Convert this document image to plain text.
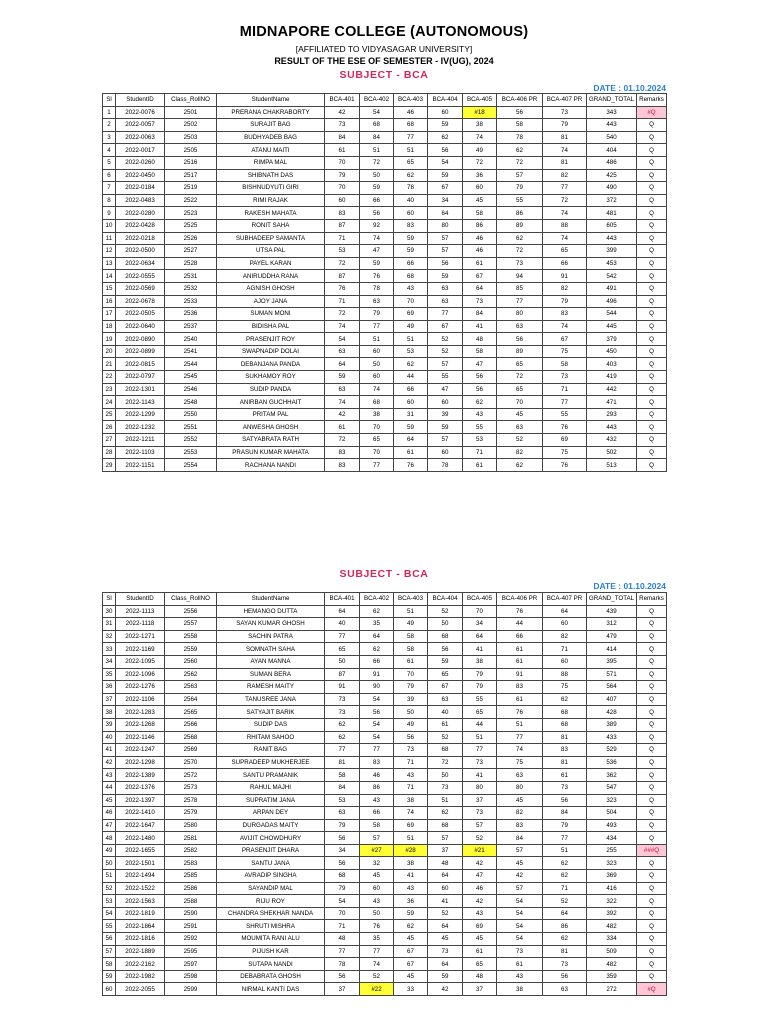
MIDNAPORE COLLEGE (AUTONOMOUS)
[AFFILIATED TO VIDYASAGAR UNIVERSITY]
RESULT OF THE ESE OF SEMESTER - IV(UG), 2024
SUBJECT - BCA
DATE : 01.10.2024
Sl	StudentID	Class_RollNO	StudentName	BCA-401	BCA-402	BCA-403	BCA-404	BCA-405	BCA-406 PR	BCA-407 PR	GRAND_TOTAL	Remarks
1	2022-0076	2501	PRERANA CHAKRABORTY	42	54	46	60	#18	56	73	343	#Q
2	2022-0057	2502	SURAJIT BAG	73	68	68	59	38	58	79	443	Q
3	2022-0063	2503	BUDHYADEB BAG	84	84	77	62	74	78	81	540	Q
4	2022-0017	2505	ATANU MAITI	61	51	51	56	49	62	74	404	Q
5	2022-0260	2516	RIMPA MAL	70	72	65	54	72	72	81	486	Q
6	2022-0450	2517	SHIBNATH DAS	79	50	62	59	36	57	82	425	Q
7	2022-0184	2519	BISHNUDYUTI GIRI	70	59	78	67	60	79	77	490	Q
8	2022-0483	2522	RIMI RAJAK	60	66	40	34	45	55	72	372	Q
9	2022-0280	2523	RAKESH MAHATA	83	56	60	64	58	86	74	481	Q
10	2022-0428	2525	RONIT SAHA	87	92	83	80	86	89	88	605	Q
11	2022-0218	2526	SUBHADEEP SAMANTA	71	74	59	57	46	62	74	443	Q
12	2022-0500	2527	UTSA PAL	53	47	59	57	46	72	65	399	Q
13	2022-0634	2528	PAYEL KARAN	72	59	66	56	61	73	66	453	Q
14	2022-0555	2531	ANIRUDDHA RANA	87	76	68	59	67	94	91	542	Q
15	2022-0569	2532	AGNISH GHOSH	76	78	43	63	64	85	82	491	Q
16	2022-0678	2533	AJOY JANA	71	63	70	63	73	77	79	496	Q
17	2022-0505	2536	SUMAN MONI	72	79	69	77	84	80	83	544	Q
18	2022-0640	2537	BIDISHA PAL	74	77	49	67	41	63	74	445	Q
19	2022-0890	2540	PRASENJIT ROY	54	51	51	52	48	56	67	379	Q
20	2022-0899	2541	SWAPNADIP DOLAI	63	60	53	52	58	89	75	450	Q
21	2022-0815	2544	DEBANJANA PANDA	64	50	62	57	47	65	58	403	Q
22	2022-0797	2545	SUKHAMOY ROY	59	60	44	55	56	72	73	419	Q
23	2022-1301	2546	SUDIP PANDA	63	74	66	47	56	65	71	442	Q
24	2022-1143	2548	ANIRBAN GUCHHAIT	74	68	60	60	62	70	77	471	Q
25	2022-1299	2550	PRITAM PAL	42	38	31	39	43	45	55	293	Q
26	2022-1232	2551	ANWESHA GHOSH	61	70	59	59	55	63	76	443	Q
27	2022-1211	2552	SATYABRATA RATH	72	65	64	57	53	52	69	432	Q
28	2022-1103	2553	PRASUN KUMAR MAHATA	83	70	61	60	71	82	75	502	Q
29	2022-1151	2554	RACHANA NANDI	83	77	76	78	61	62	76	513	Q
SUBJECT - BCA
DATE : 01.10.2024
Sl	StudentID	Class_RollNO	StudentName	BCA-401	BCA-402	BCA-403	BCA-404	BCA-405	BCA-406 PR	BCA-407 PR	GRAND_TOTAL	Remarks
30	2022-1113	2556	HEMANGO DUTTA	64	62	51	52	70	76	64	439	Q
31	2022-1118	2557	SAYAN KUMAR GHOSH	40	35	49	50	34	44	60	312	Q
32	2022-1271	2558	SACHIN PATRA	77	64	58	68	64	66	82	479	Q
33	2022-1169	2559	SOMNATH SAHA	65	62	58	56	41	61	71	414	Q
34	2022-1095	2560	AYAN MANNA	50	66	61	59	38	61	60	395	Q
35	2022-1096	2562	SUMAN BERA	87	91	70	65	79	91	88	571	Q
36	2022-1276	2563	RAMESH MAITY	91	90	79	67	79	83	75	564	Q
37	2022-1106	2564	TANUSREE JANA	73	54	39	63	55	61	62	407	Q
38	2022-1283	2565	SATYAJIT BARIK	73	56	50	40	65	76	68	428	Q
39	2022-1268	2566	SUDIP DAS	62	54	49	61	44	51	68	389	Q
40	2022-1146	2568	RHITAM SAHOO	62	54	56	52	51	77	81	433	Q
41	2022-1247	2569	RANIT BAG	77	77	73	68	77	74	83	529	Q
42	2022-1298	2570	SUPRADEEP MUKHERJEE	81	83	71	72	73	75	81	536	Q
43	2022-1389	2572	SANTU PRAMANIK	58	46	43	50	41	63	61	362	Q
44	2022-1376	2573	RAHUL MAJHI	84	86	71	73	80	80	73	547	Q
45	2022-1397	2578	SUPRATIM JANA	53	43	38	51	37	45	56	323	Q
46	2022-1410	2579	ARPAN DEY	63	66	74	62	73	82	84	504	Q
47	2022-1647	2580	DURGADAS MAITY	79	58	69	68	57	83	79	493	Q
48	2022-1480	2581	AVIJIT CHOWDHURY	56	57	51	57	52	84	77	434	Q
49	2022-1655	2582	PRASENJIT DHARA	34	#27	#28	37	#21	57	51	255	###Q
50	2022-1501	2583	SANTU JANA	56	32	38	48	42	45	62	323	Q
51	2022-1494	2585	AVRADIP SINGHA	68	45	41	64	47	42	62	369	Q
52	2022-1522	2586	SAYANDIP MAL	79	60	43	60	46	57	71	416	Q
53	2022-1563	2588	RIJU ROY	54	43	36	41	42	54	52	322	Q
54	2022-1819	2590	CHANDRA SHEKHAR NANDA	70	50	59	52	43	54	64	392	Q
55	2022-1864	2591	SHRUTI MISHRA	71	76	62	64	69	54	86	482	Q
56	2022-1816	2592	MOUMITA RANI ALU	48	35	45	45	45	54	62	334	Q
57	2022-1889	2595	PIJUSH KAR	77	77	67	73	61	73	81	509	Q
58	2022-2162	2597	SUTAPA NANDI	78	74	67	64	65	61	73	482	Q
59	2022-1982	2598	DEBABRATA GHOSH	56	52	45	59	48	43	56	359	Q
60	2022-2055	2599	NIRMAL KANTI DAS	37	#22	33	42	37	38	63	272	#Q
